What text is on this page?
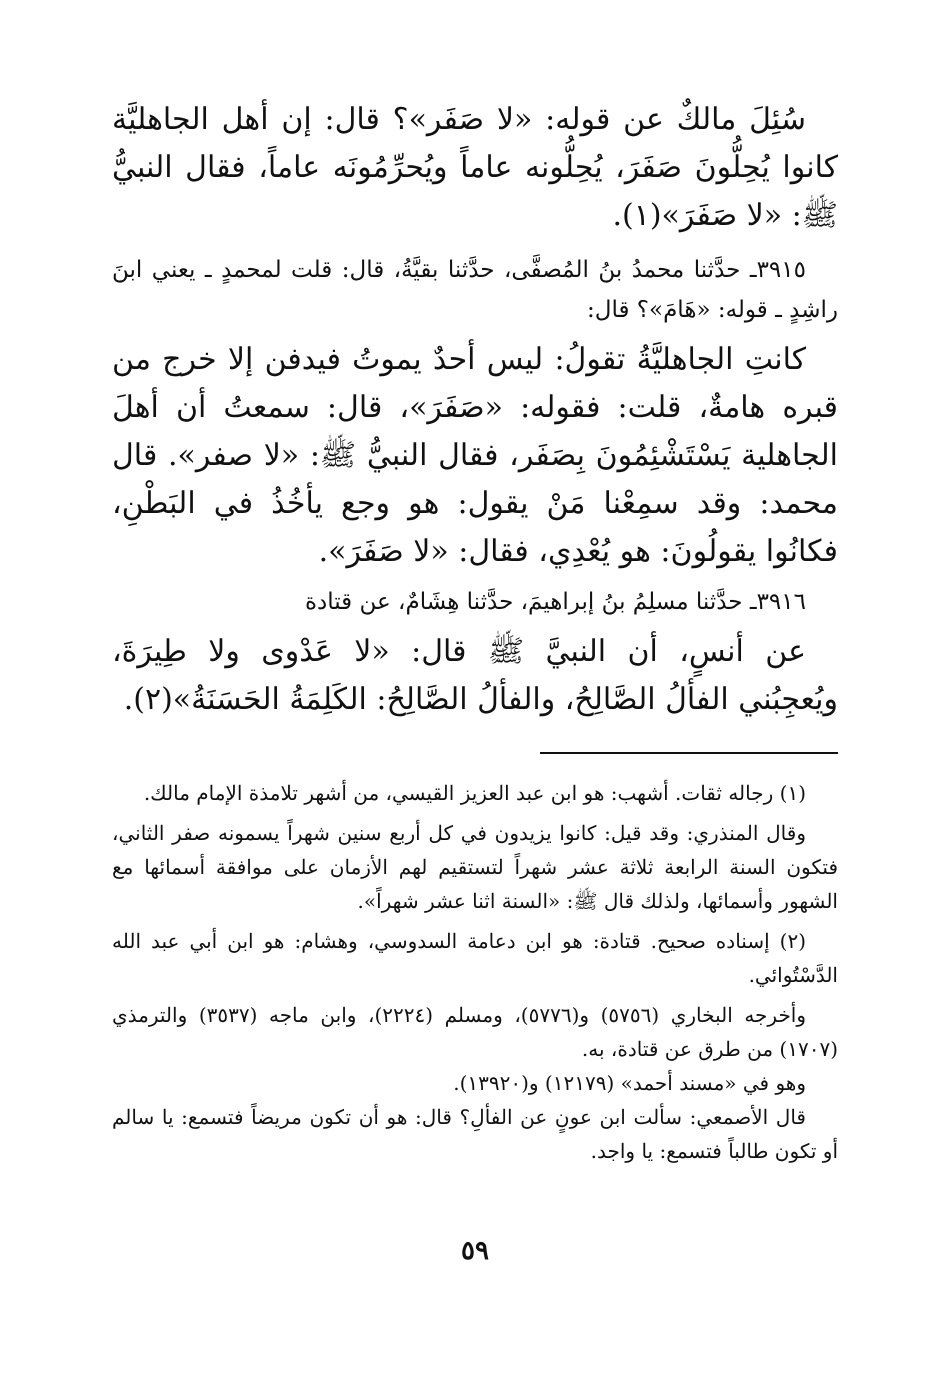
سُئِلَ مالكٌ عن قوله: «لا صَفَر»؟ قال: إن أهل الجاهليَّة كانوا يُحِلُّونَ صَفَرَ، يُحِلُّونه عاماً ويُحرِّمُونَه عاماً، فقال النبيُّ ﷺ: «لا صَفَرَ»(١).

٣٩١٥ـ حدَّثنا محمدُ بنُ المُصفَّى، حدَّثنا بقيَّةُ، قال: قلت لمحمدٍ ـ يعني ابنَ راشِدٍ ـ قوله: «هَامَ»؟ قال:

كانتِ الجاهليَّةُ تقولُ: ليس أحدٌ يموتُ فيدفن إلا خرج من قبره هامةٌ، قلت: فقوله: «صَفَرَ»، قال: سمعتُ أن أهلَ الجاهلية يَسْتَشْئِمُونَ بِصَفَر، فقال النبيُّ ﷺ: «لا صفر». قال محمد: وقد سمِعْنا مَنْ يقول: هو وجع يأخُذُ في البَطْنِ، فكانُوا يقولُونَ: هو يُعْدِي، فقال: «لا صَفَرَ».

٣٩١٦ـ حدَّثنا مسلِمُ بنُ إبراهيمَ، حدَّثنا هِشَامٌ، عن قتادة

عن أنسٍ، أن النبيَّ ﷺ قال: «لا عَدْوى ولا طِيرَةَ، ويُعجِبُني الفألُ الصَّالِحُ، والفألُ الصَّالِحُ: الكَلِمَةُ الحَسَنَةُ»(٢).

(١) رجاله ثقات. أشهب: هو ابن عبد العزيز القيسي، من أشهر تلامذة الإمام مالك.

وقال المنذري: وقد قيل: كانوا يزيدون في كل أربع سنين شهراً يسمونه صفر الثاني، فتكون السنة الرابعة ثلاثة عشر شهراً لتستقيم لهم الأزمان على موافقة أسمائها مع الشهور وأسمائها، ولذلك قال ﷺ: «السنة اثنا عشر شهراً».

(٢) إسناده صحيح. قتادة: هو ابن دعامة السدوسي، وهشام: هو ابن أبي عبد الله الدَّسْتُوائي.

وأخرجه البخاري (٥٧٥٦) و(٥٧٧٦)، ومسلم (٢٢٢٤)، وابن ماجه (٣٥٣٧) والترمذي (١٧٠٧) من طرق عن قتادة، به.

وهو في «مسند أحمد» (١٢١٧٩) و(١٣٩٢٠).

قال الأصمعي: سألت ابن عونٍ عن الفألِ؟ قال: هو أن تكون مريضاً فتسمع: يا سالم أو تكون طالباً فتسمع: يا واجد.

٥٩
